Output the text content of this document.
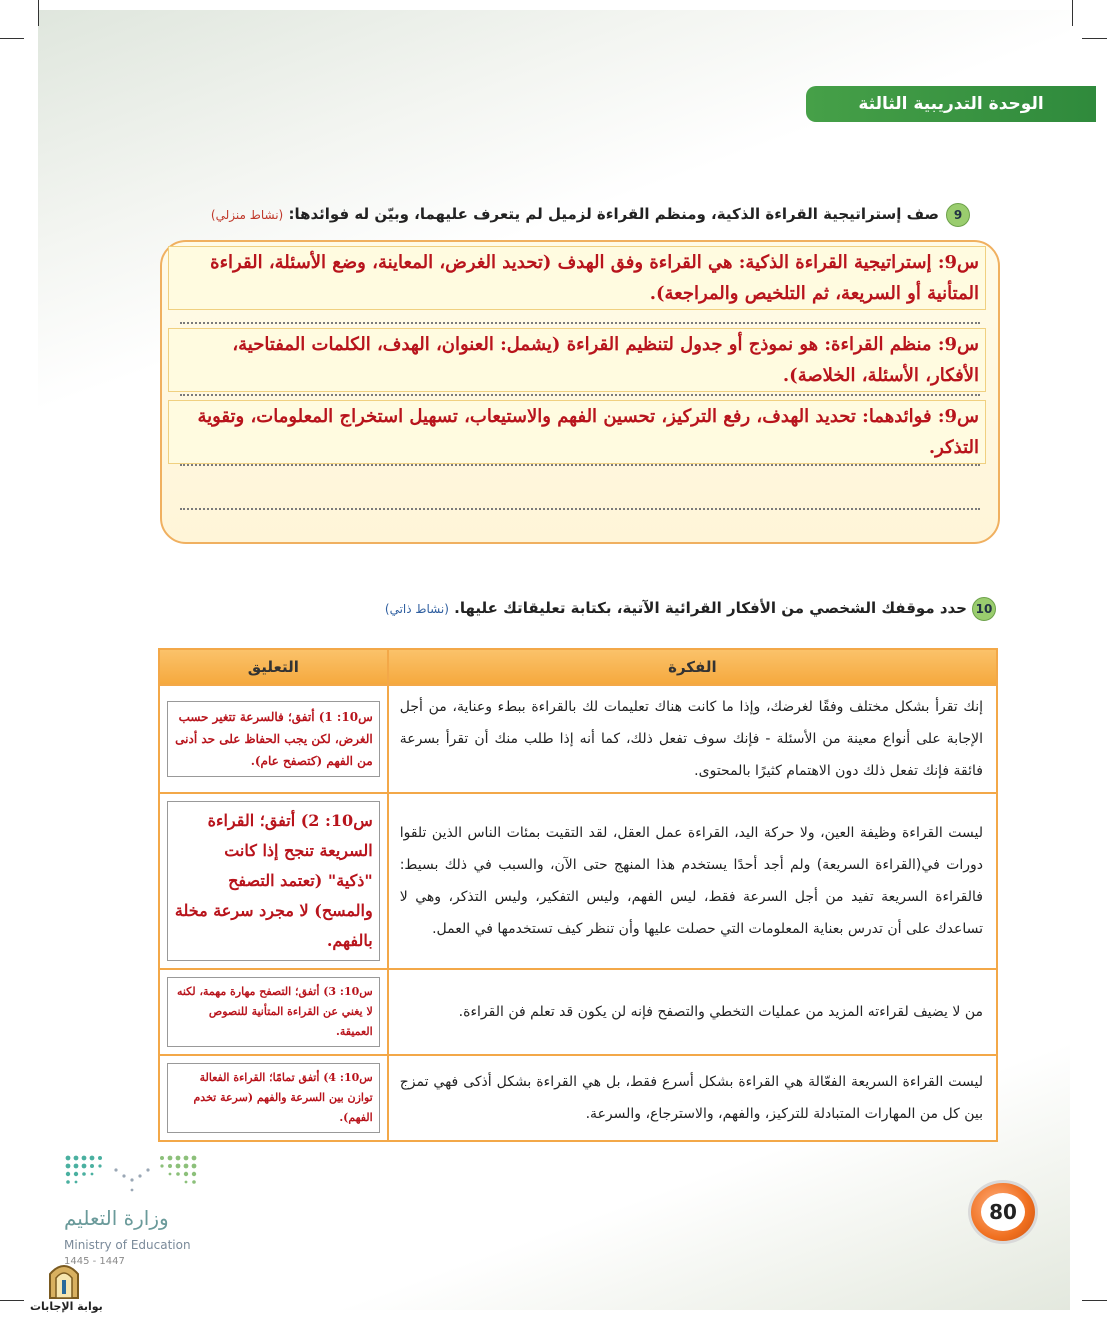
الوحدة التدريبية الثالثة
9
صف إستراتيجية القراءة الذكية، ومنظم القراءة لزميل لم يتعرف عليهما، وبيّن له فوائدها: (نشاط منزلي)
س9: إستراتيجية القراءة الذكية: هي القراءة وفق الهدف (تحديد الغرض، المعاينة، وضع الأسئلة، القراءة المتأنية أو السريعة، ثم التلخيص والمراجعة).
س9: منظم القراءة: هو نموذج أو جدول لتنظيم القراءة (يشمل: العنوان، الهدف، الكلمات المفتاحية، الأفكار، الأسئلة، الخلاصة).
س9: فوائدهما: تحديد الهدف، رفع التركيز، تحسين الفهم والاستيعاب، تسهيل استخراج المعلومات، وتقوية التذكر.
10
حدد موقفك الشخصي من الأفكار القرائية الآتية، بكتابة تعليقاتك عليها. (نشاط ذاتي)
الفكرة	التعليق

إنك تقرأ بشكل مختلف وفقًا لغرضك، وإذا ما كانت هناك تعليمات لك بالقراءة ببطء وعناية، من أجل الإجابة على أنواع معينة من الأسئلة - فإنك سوف تفعل ذلك، كما أنه إذا طلب منك أن تقرأ بسرعة فائقة فإنك تفعل ذلك دون الاهتمام كثيرًا بالمحتوى.	س10: 1) أتفق؛ فالسرعة تتغير حسب الغرض، لكن يجب الحفاظ على حد أدنى من الفهم (كتصفح عام).

ليست القراءة وظيفة العين، ولا حركة اليد، القراءة عمل العقل، لقد التقيت بمئات الناس الذين تلقوا دورات في(القراءة السريعة) ولم أجد أحدًا يستخدم هذا المنهج حتى الآن، والسبب في ذلك بسيط: فالقراءة السريعة تفيد من أجل السرعة فقط، ليس الفهم، وليس التفكير، وليس التذكر، وهي لا تساعدك على أن تدرس بعناية المعلومات التي حصلت عليها وأن تنظر كيف تستخدمها في العمل.	س10: 2) أتفق؛ القراءة السريعة تنجح إذا كانت "ذكية" (تعتمد التصفح والمسح) لا مجرد سرعة مخلة بالفهم.

من لا يضيف لقراءته المزيد من عمليات التخطي والتصفح فإنه لن يكون قد تعلم فن القراءة.	س10: 3) أتفق؛ التصفح مهارة مهمة، لكنه لا يغني عن القراءة المتأنية للنصوص العميقة.

ليست القراءة السريعة الفعّالة هي القراءة بشكل أسرع فقط، بل هي القراءة بشكل أذكى فهي تمزج بين كل من المهارات المتبادلة للتركيز، والفهم، والاسترجاع، والسرعة.	س10: 4) أتفق تمامًا؛ القراءة الفعالة توازن بين السرعة والفهم (سرعة تخدم الفهم).
وزارة التعليم
Ministry of Education
1445 - 1447
بوابة الإجابات
80
